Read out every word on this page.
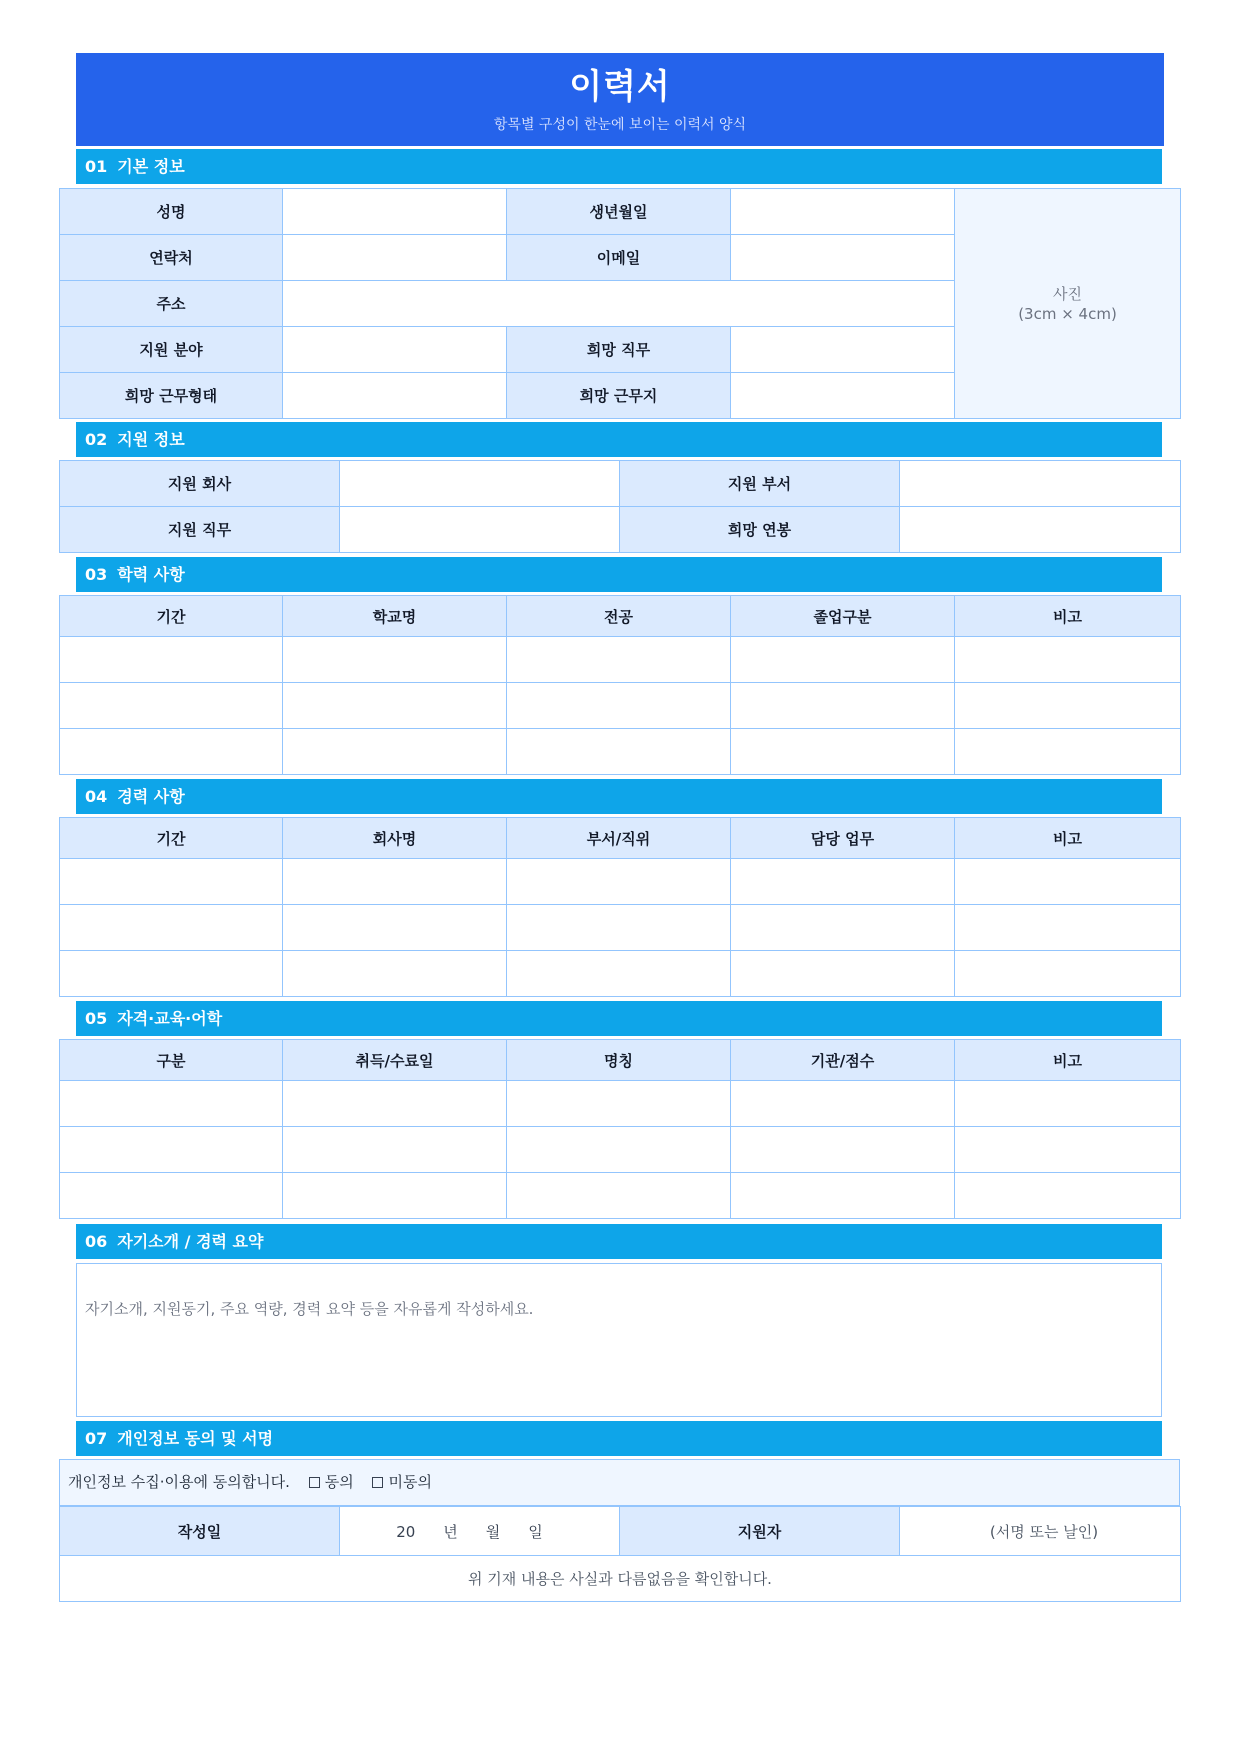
이력서
항목별 구성이 한눈에 보이는 이력서 양식
01 기본 정보
성명		생년월일		사진
(3cm × 4cm)

연락처		이메일		
주소				
지원 분야		희망 직무		
희망 근무형태		희망 근무지		
02 지원 정보
지원 회사		지원 부서	
지원 직무		희망 연봉	
03 학력 사항
기간	학교명	전공	졸업구분	비고

04 경력 사항
기간	회사명	부서/직위	담당 업무	비고

05 자격·교육·어학
구분	취득/수료일	명칭	기관/점수	비고

06 자기소개 / 경력 요약
자기소개, 지원동기, 주요 역량, 경력 요약 등을 자유롭게 작성하세요.
07 개인정보 동의 및 서명
개인정보 수집·이용에 동의합니다. 동의 미동의
작성일	20 년 월 일	지원자	(서명 또는 날인)
위 기재 내용은 사실과 다름없음을 확인합니다.
